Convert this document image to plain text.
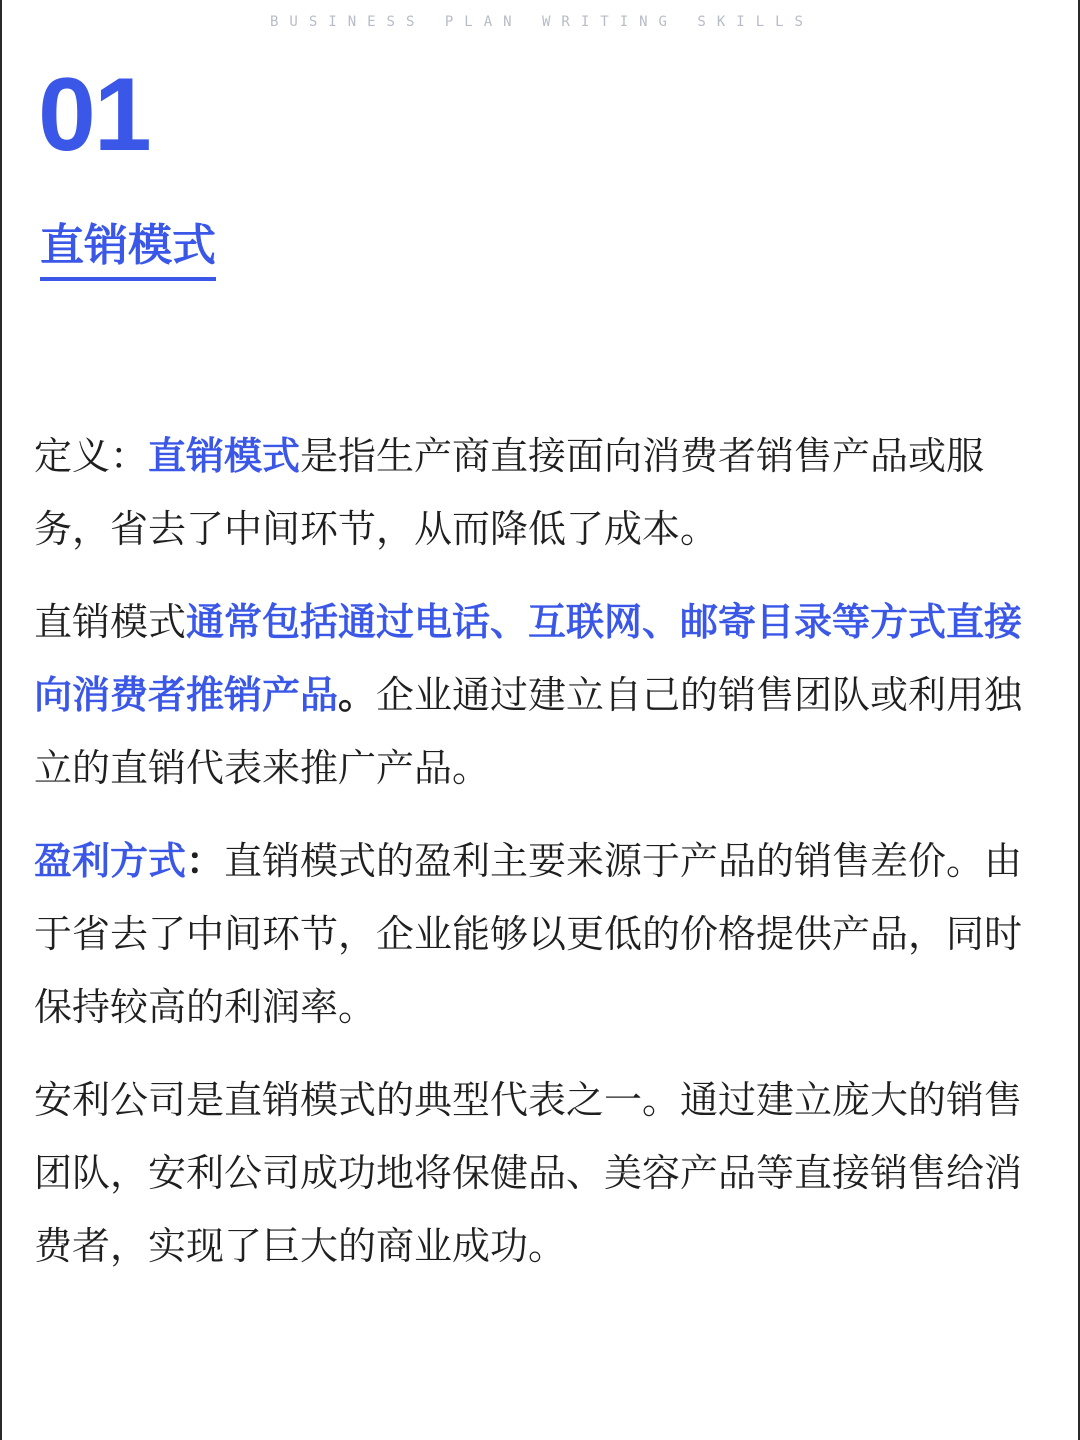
BUSINESS PLAN WRITING SKILLS
01
直销模式

定义：直销模式是指生产商直接面向消费者销售产品或服务，省去了中间环节，从而降低了成本。

直销模式通常包括通过电话、互联网、邮寄目录等方式直接向消费者推销产品。企业通过建立自己的销售团队或利用独立的直销代表来推广产品。

盈利方式：直销模式的盈利主要来源于产品的销售差价。由于省去了中间环节，企业能够以更低的价格提供产品，同时保持较高的利润率。

安利公司是直销模式的典型代表之一。通过建立庞大的销售团队，安利公司成功地将保健品、美容产品等直接销售给消费者，实现了巨大的商业成功。
